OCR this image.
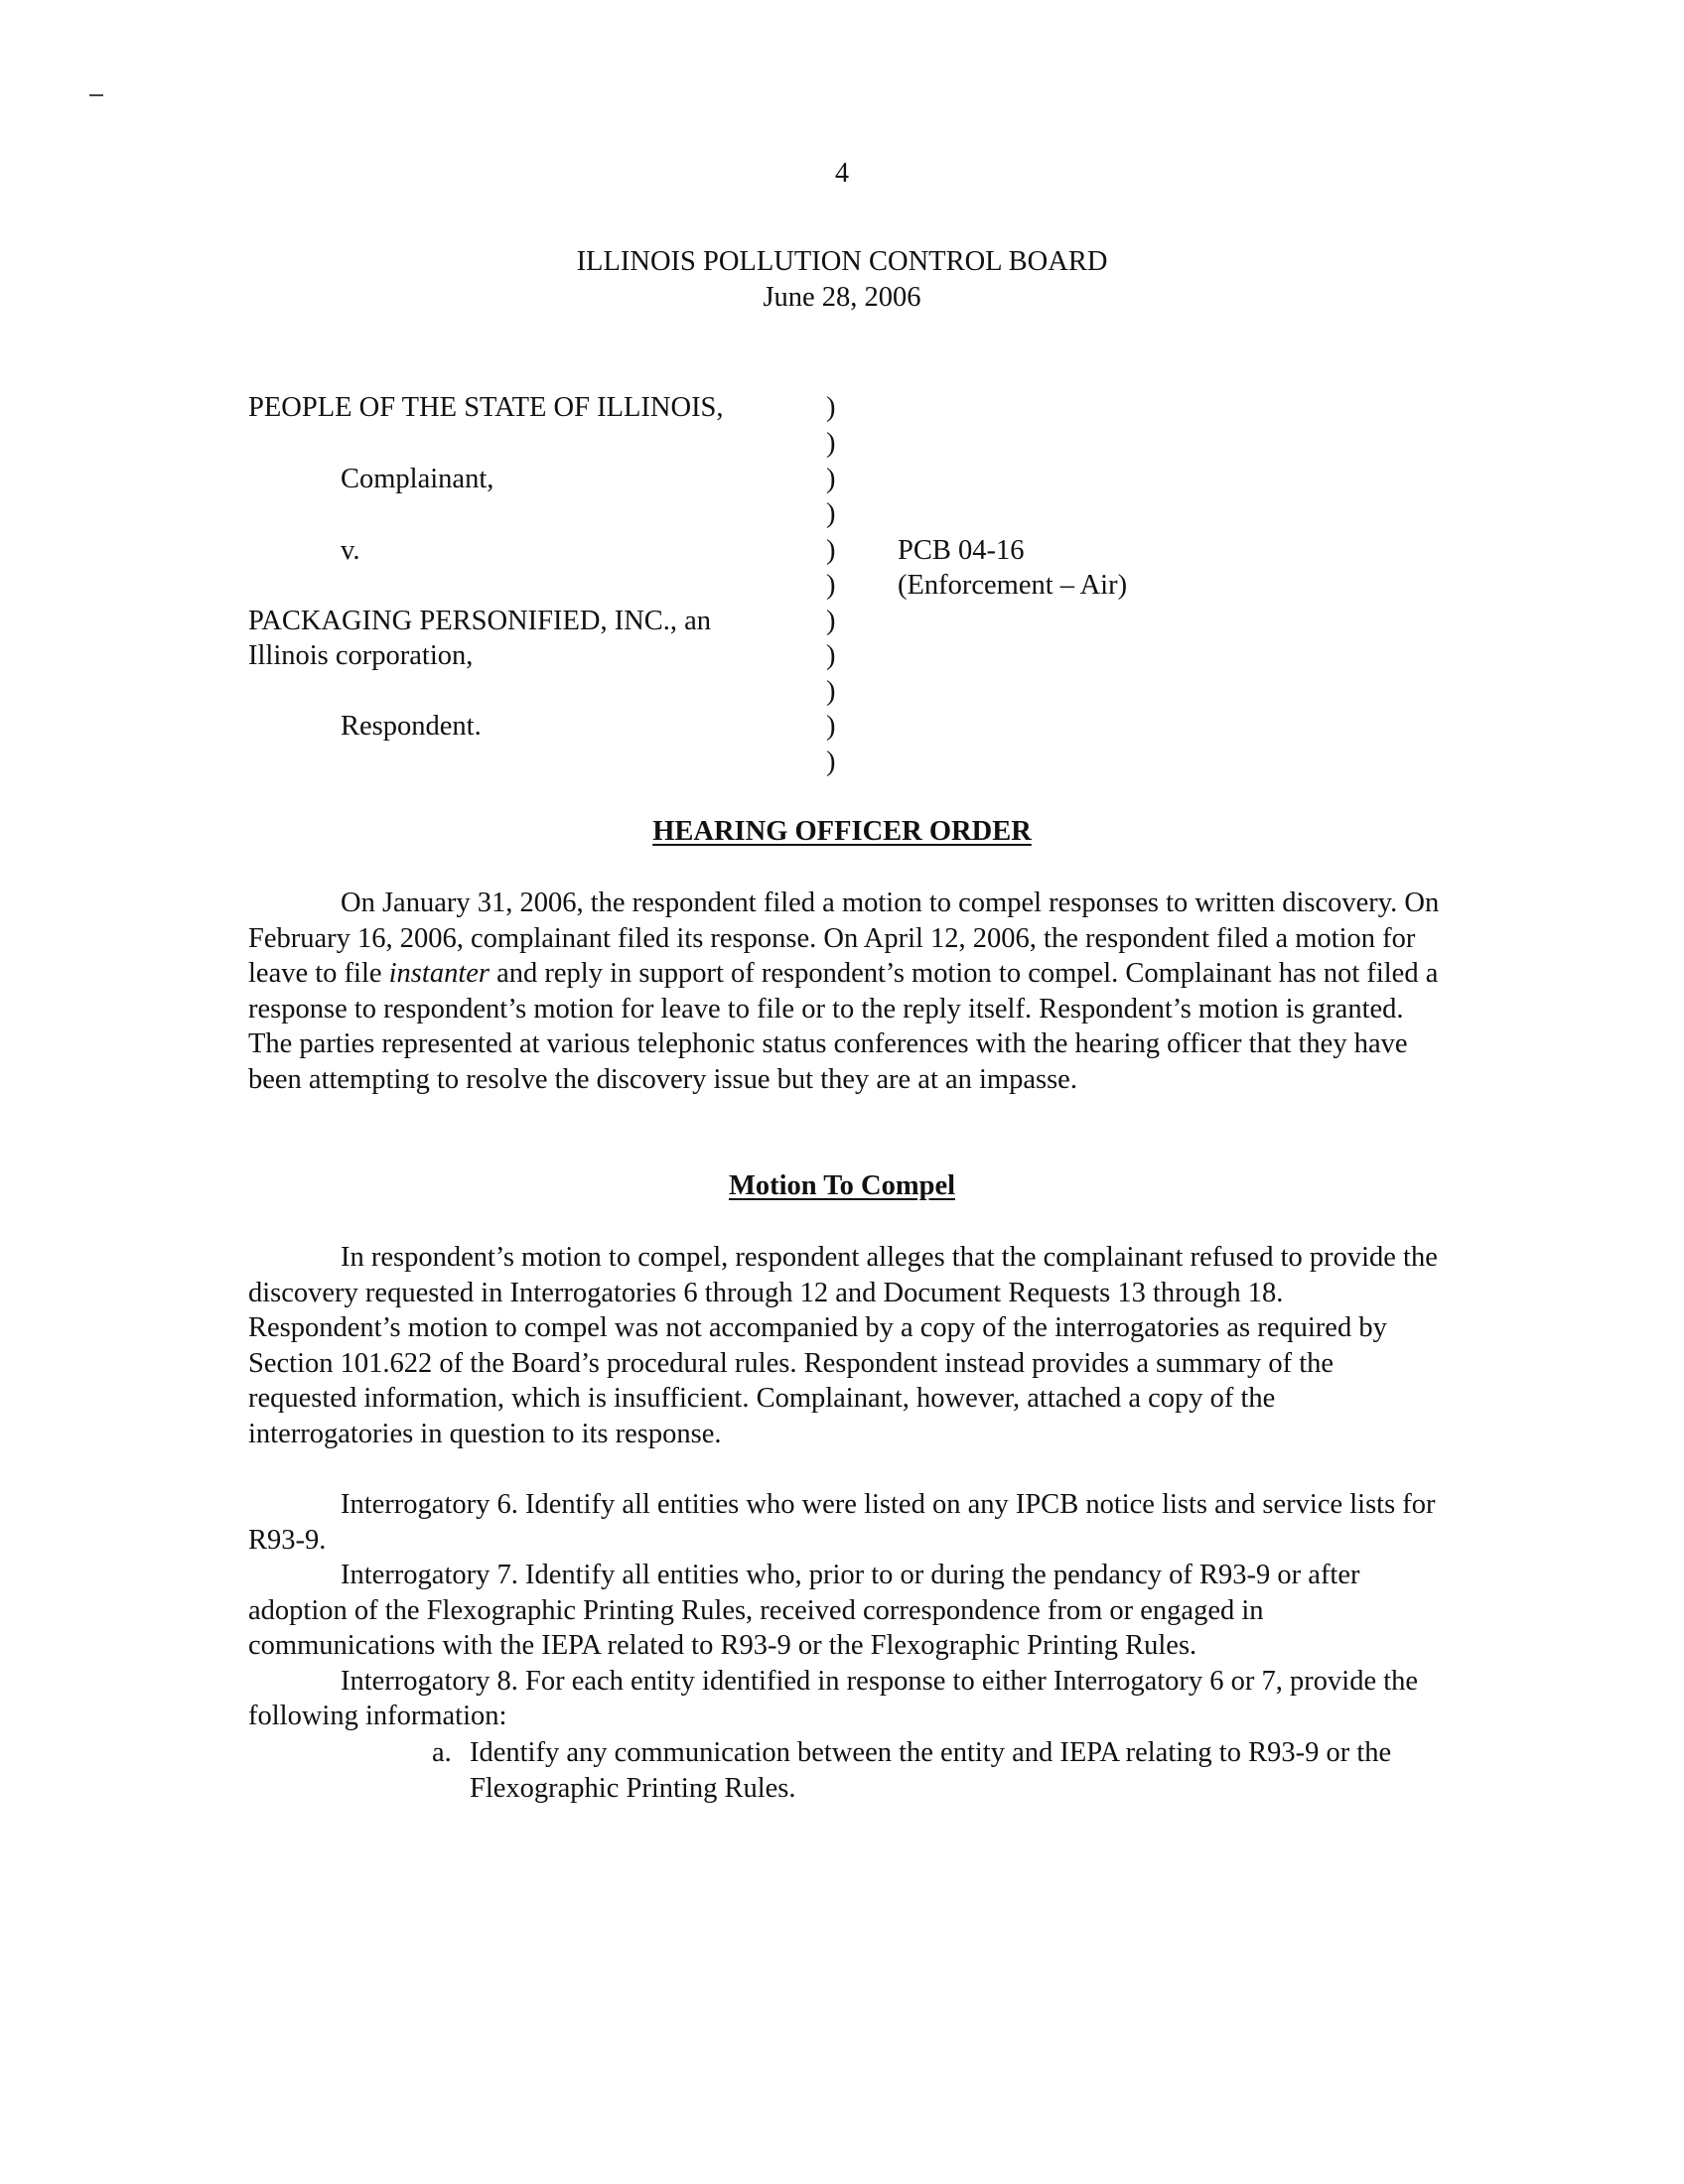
4
ILLINOIS POLLUTION CONTROL BOARD
June 28, 2006
PEOPLE OF THE STATE OF ILLINOIS,
Complainant,
v.
PACKAGING PERSONIFIED, INC., an
Illinois corporation,
Respondent.
)
)
)
)
)
)
)
)
)
)
)
PCB 04-16
(Enforcement – Air)
HEARING OFFICER ORDER
On January 31, 2006, the respondent filed a motion to compel responses to written discovery. On February 16, 2006, complainant filed its response. On April 12, 2006, the respondent filed a motion for leave to file instanter and reply in support of respondent’s motion to compel. Complainant has not filed a response to respondent’s motion for leave to file or to the reply itself. Respondent’s motion is granted. The parties represented at various telephonic status conferences with the hearing officer that they have been attempting to resolve the discovery issue but they are at an impasse.
Motion To Compel
In respondent’s motion to compel, respondent alleges that the complainant refused to provide the discovery requested in Interrogatories 6 through 12 and Document Requests 13 through 18. Respondent’s motion to compel was not accompanied by a copy of the interrogatories as required by Section 101.622 of the Board’s procedural rules. Respondent instead provides a summary of the requested information, which is insufficient. Complainant, however, attached a copy of the interrogatories in question to its response.

Interrogatory 6. Identify all entities who were listed on any IPCB notice lists and service lists for R93-9.

Interrogatory 7. Identify all entities who, prior to or during the pendancy of R93-9 or after adoption of the Flexographic Printing Rules, received correspondence from or engaged in communications with the IEPA related to R93-9 or the Flexographic Printing Rules.

Interrogatory 8. For each entity identified in response to either Interrogatory 6 or 7, provide the following information:

a. Identify any communication between the entity and IEPA relating to R93-9 or the Flexographic Printing Rules.
